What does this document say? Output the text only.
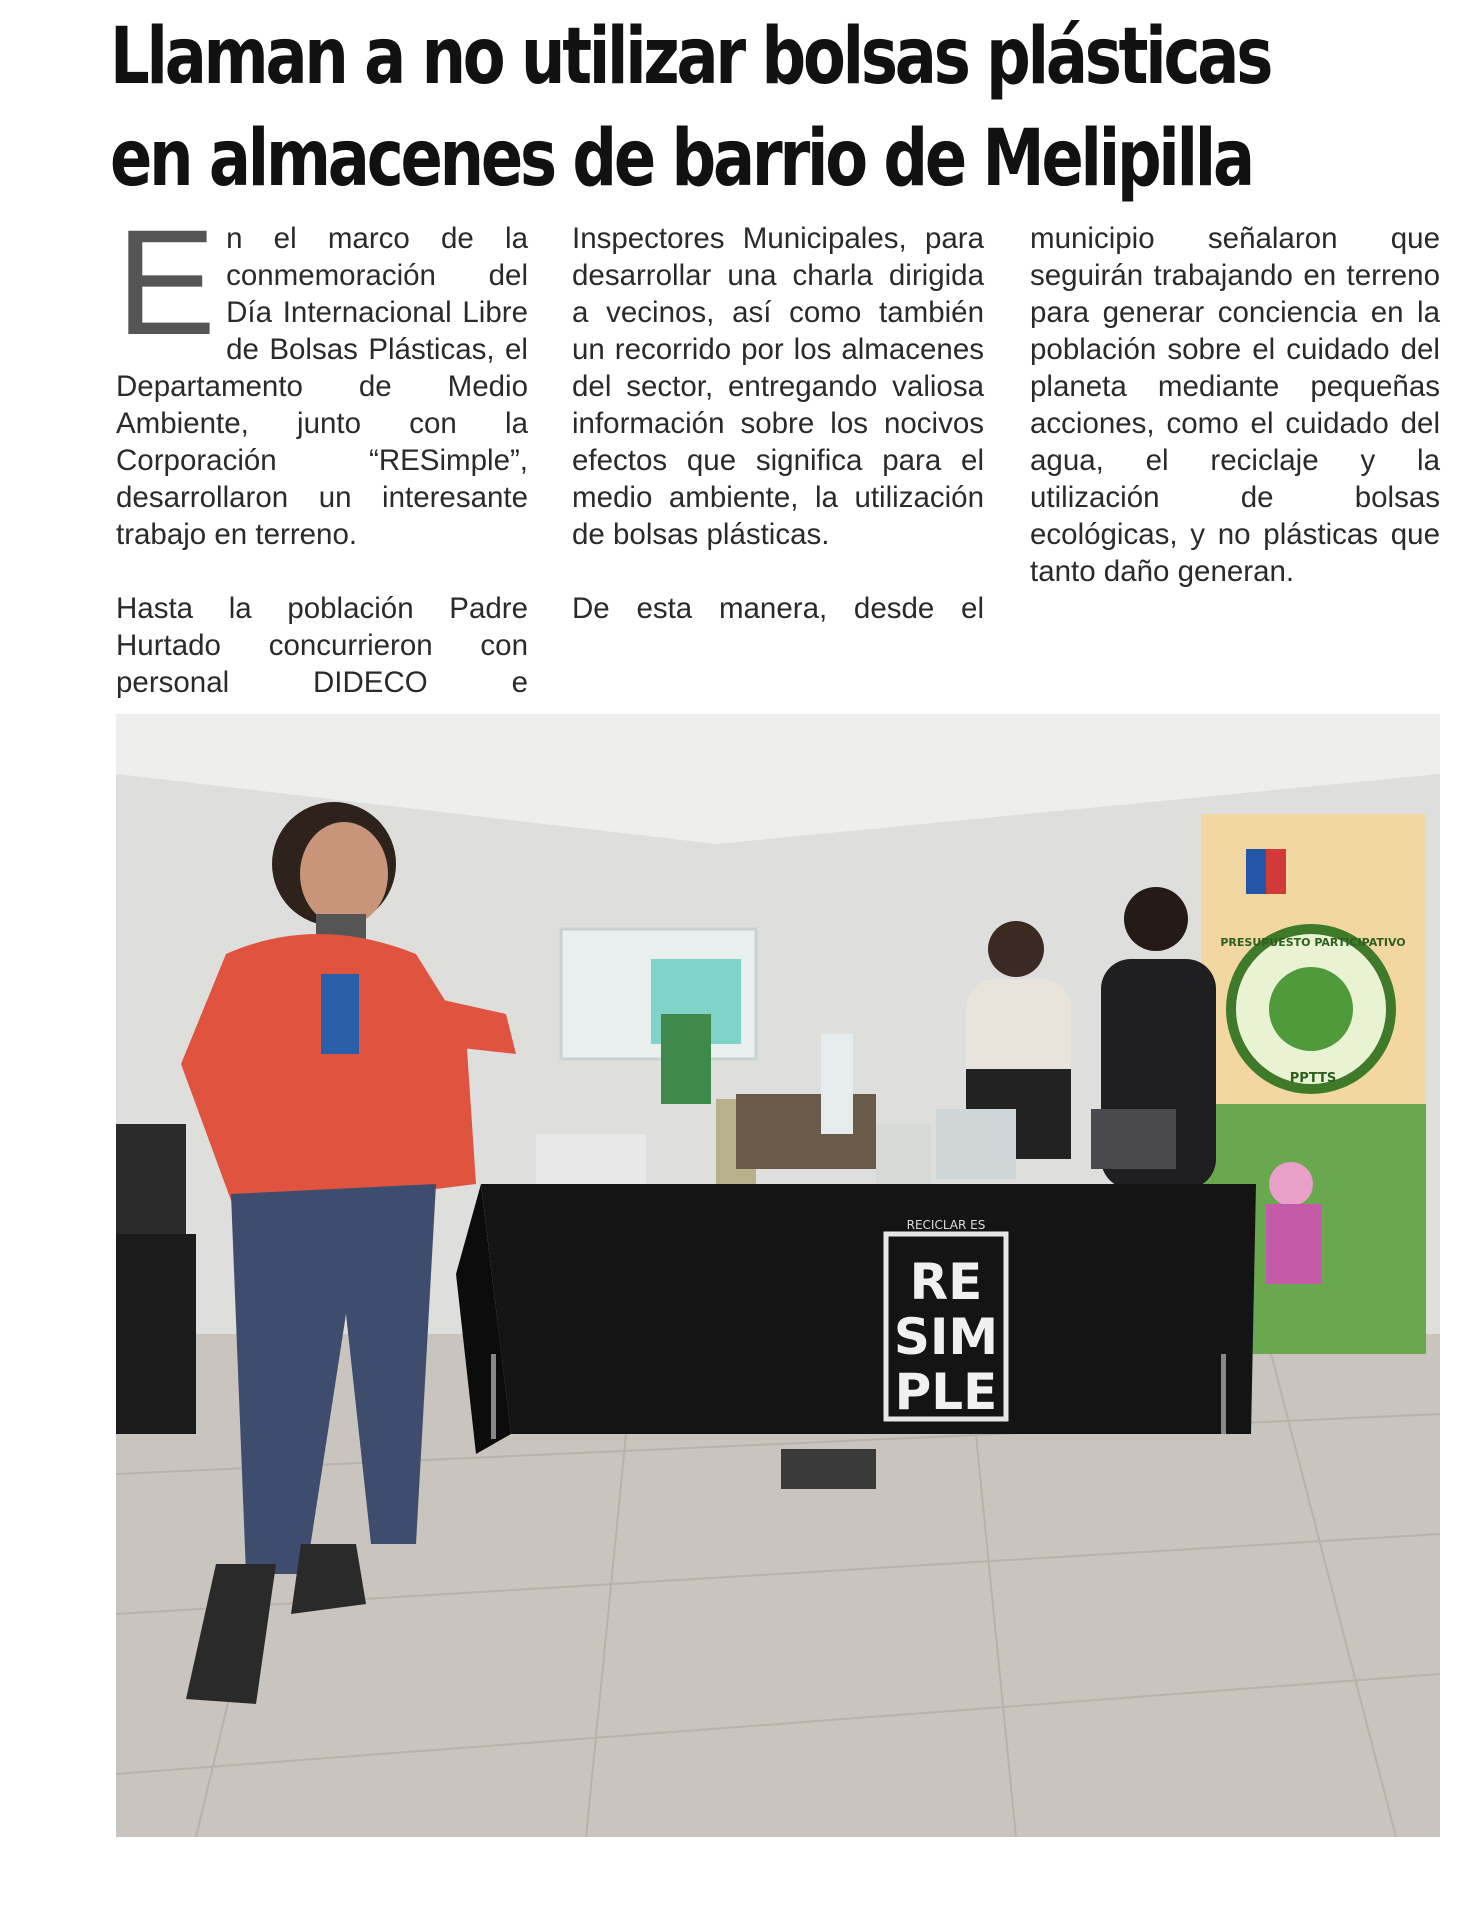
Llaman a no utilizar bolsas plásticas
en almacenes de barrio de Melipilla

E n el marco de la conmemoración del Día Internacional Libre de Bolsas Plásticas, el Departamento de Medio Ambiente, junto con la Corporación “RESimple”, desarrollaron un interesante trabajo en terreno.

Hasta la población Padre Hurtado concurrieron con personal DIDECO e

Inspectores Municipales, para desarrollar una charla dirigida a vecinos, así como también un recorrido por los almacenes del sector, entregando valiosa información sobre los nocivos efectos que significa para el medio ambiente, la utilización de bolsas plásticas.

De esta manera, desde el

municipio señalaron que seguirán trabajando en terreno para generar conciencia en la población sobre el cuidado del planeta mediante pequeñas acciones, como el cuidado del agua, el reciclaje y la utilización de bolsas ecológicas, y no plásticas que tanto daño generan.

PRESUPUESTO PARTICIPATIVO
PPTTS
RECICLAR ES
RE
SIM
PLE
